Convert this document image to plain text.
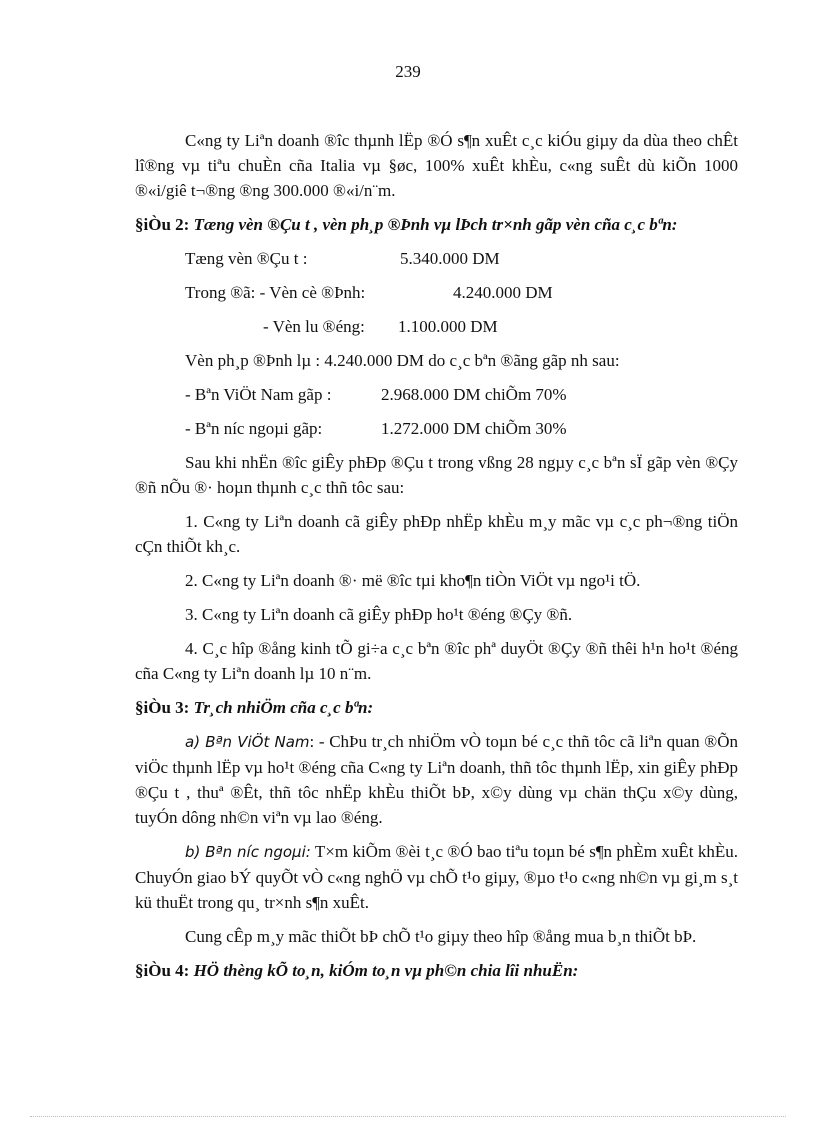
239

C«ng ty Liªn doanh ®îc thµnh lËp ®Ó s¶n xuÊt c¸c kiÓu giµy da dùa theo chÊt lî®ng vµ tiªu chuÈn cña Italia vµ §øc, 100% xuÊt khÈu, c«ng suÊt dù kiÕn 1000 ®«i/giê t¬®ng ®ng 300.000 ®«i/n¨m.

§iÒu 2: Tæng vèn ®Çu t , vèn ph¸p ®Þnh vµ lÞch tr×nh gãp vèn cña c¸c bªn:

Tæng vèn ®Çu t :	5.340.000 DM
Trong ®ã: - Vèn cè ®Þnh:	4.240.000 DM
- Vèn lu ®éng: 1.100.000 DM

Vèn ph¸p ®Þnh lµ : 4.240.000 DM do c¸c bªn ®ãng gãp nh sau:

- Bªn ViÖt Nam gãp :	2.968.000 DM chiÕm 70%
- Bªn níc ngoµi gãp:	1.272.000 DM chiÕm 30%

Sau khi nhËn ®îc giÊy phÐp ®Çu t trong vßng 28 ngµy c¸c bªn sÏ gãp vèn ®Çy ®ñ nÕu ®· hoµn thµnh c¸c thñ tôc sau:

1. C«ng ty Liªn doanh cã giÊy phÐp nhËp khÈu m¸y mãc vµ c¸c ph¬®ng tiÖn cÇn thiÕt kh¸c.

2. C«ng ty Liªn doanh ®· më ®îc tµi kho¶n tiÒn ViÖt vµ ngo¹i tÖ.

3. C«ng ty Liªn doanh cã giÊy phÐp ho¹t ®éng ®Çy ®ñ.

4. C¸c hîp ®ång kinh tÕ gi÷a c¸c bªn ®îc phª duyÖt ®Çy ®ñ thêi h¹n ho¹t ®éng cña C«ng ty Liªn doanh lµ 10 n¨m.

§iÒu 3: Tr¸ch nhiÖm cña c¸c bªn:

a) Bªn ViÖt Nam: - ChÞu tr¸ch nhiÖm vÒ toµn bé c¸c thñ tôc cã liªn quan ®Õn viÖc thµnh lËp vµ ho¹t ®éng cña C«ng ty Liªn doanh, thñ tôc thµnh lËp, xin giÊy phÐp ®Çu t , thuª ®Êt, thñ tôc nhËp khÈu thiÕt bÞ, x©y dùng vµ chän thÇu x©y dùng, tuyÓn dông nh©n viªn vµ lao ®éng.

b) Bªn níc ngoµi: T×m kiÕm ®èi t¸c ®Ó bao tiªu toµn bé s¶n phÈm xuÊt khÈu. ChuyÓn giao bÝ quyÕt vÒ c«ng nghÖ vµ chÕ t¹o giµy, ®µo t¹o c«ng nh©n vµ gi¸m s¸t kü thuËt trong qu¸ tr×nh s¶n xuÊt.

Cung cÊp m¸y mãc thiÕt bÞ chÕ t¹o giµy theo hîp ®ång mua b¸n thiÕt bÞ.

§iÒu 4: HÖ thèng kÕ to¸n, kiÓm to¸n vµ ph©n chia lîi nhuËn:
